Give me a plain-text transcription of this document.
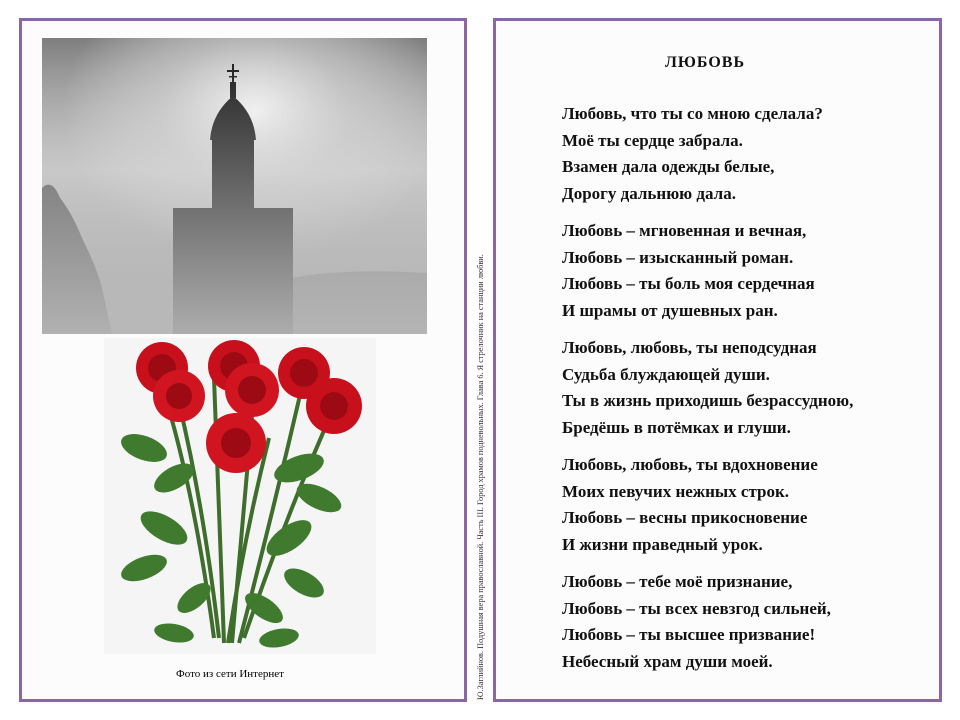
Фото из сети Интернет	Ю.Заглийнов. Подушная вера православной. Часть III. Город храмов подневольных. Глава 6. Я стрелочник на станции любви.
ЛЮБОВЬ
Любовь, что ты со мною сделала?
Моё ты сердце забрала.
Взамен дала одежды белые,
Дорогу дальнюю дала.
Любовь – мгновенная и вечная,
Любовь – изысканный роман.
Любовь – ты боль моя сердечная
И шрамы от душевных ран.
Любовь, любовь, ты неподсудная
Судьба блуждающей души.
Ты в жизнь приходишь безрассудною,
Бредёшь в потёмках и глуши.
Любовь, любовь, ты вдохновение
Моих певучих нежных строк.
Любовь – весны прикосновение
И жизни праведный урок.
Любовь – тебе моё признание,
Любовь – ты всех невзгод сильней,
Любовь – ты высшее призвание!
Небесный храм души моей.
